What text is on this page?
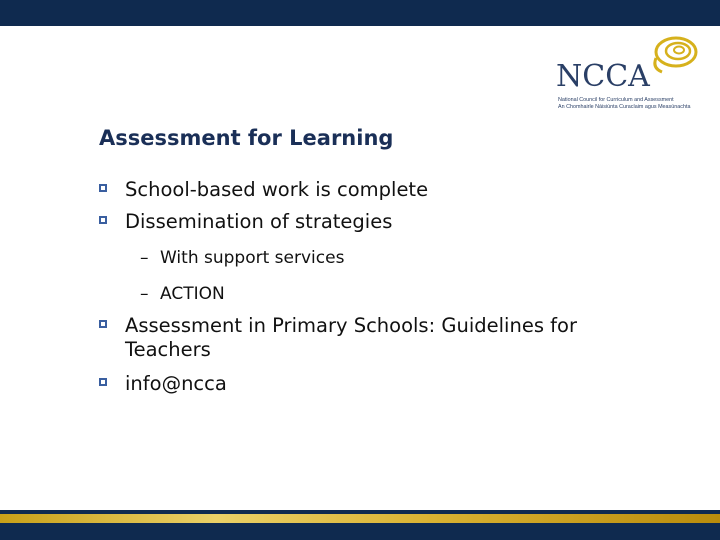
NCCA
National Council for Curriculum and Assessment
An Chomhairle Náisiúnta Curaclaim agus Measúnachta
Assessment for Learning
School-based work is complete
Dissemination of strategies
– With support services
– ACTION
Assessment in Primary Schools: Guidelines for
Teachers
info@ncca
